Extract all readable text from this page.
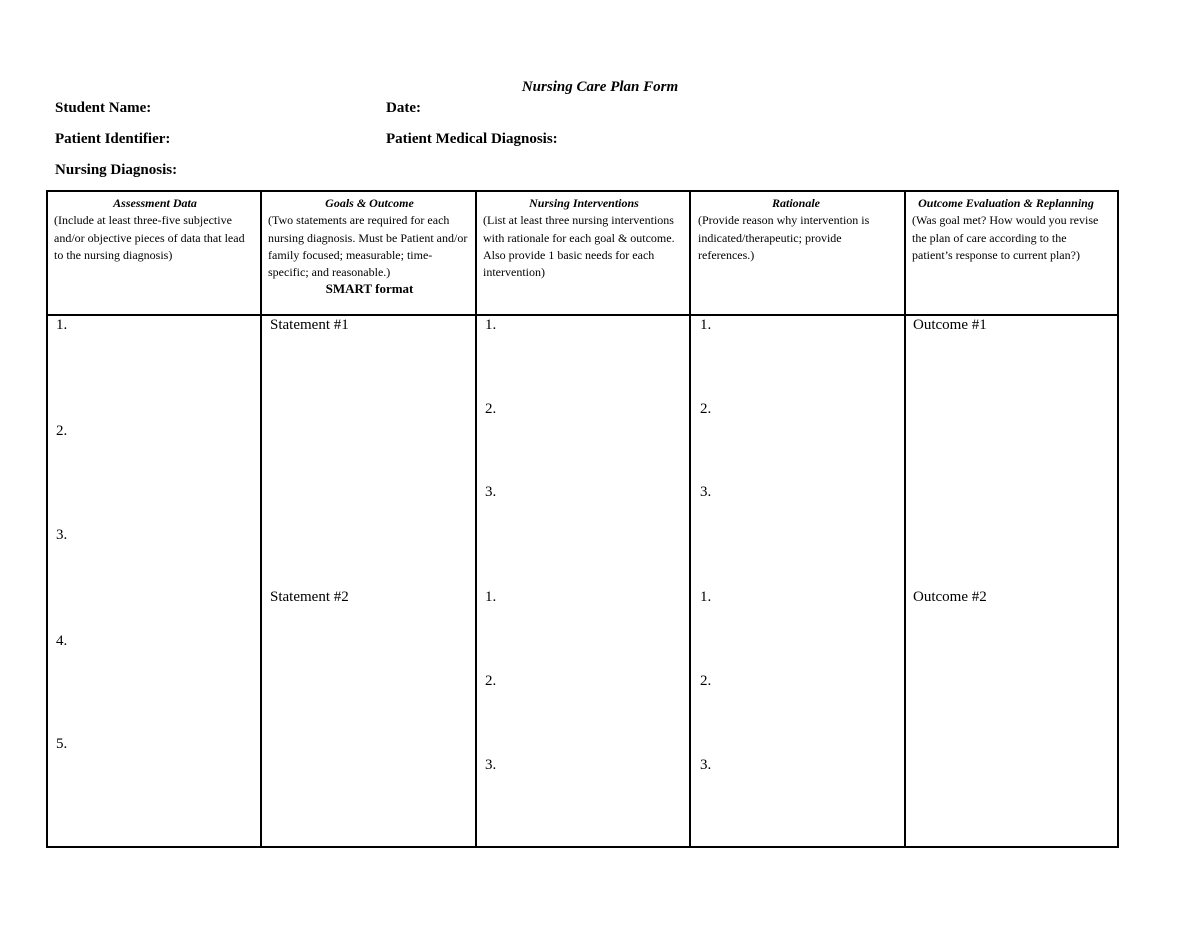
Nursing Care Plan Form
Student Name:	Date:
Patient Identifier:	Patient Medical Diagnosis:
Nursing Diagnosis:
Assessment Data
(Include at least three-five subjective and/or objective pieces of data that lead to the nursing diagnosis)
Goals & Outcome
(Two statements are required for each nursing diagnosis. Must be Patient and/or family focused; measurable; time-specific; and reasonable.)
SMART format
Nursing Interventions
(List at least three nursing interventions with rationale for each goal & outcome. Also provide 1 basic needs for each intervention)
Rationale
(Provide reason why intervention is indicated/therapeutic; provide references.)
Outcome Evaluation & Replanning
(Was goal met? How would you revise the plan of care according to the patient’s response to current plan?)
1.
2.
3.
4.
5.
Statement #1
Statement #2
1.
2.
3.
1.
2.
3.
1.
2.
3.
1.
2.
3.
Outcome #1
Outcome #2
